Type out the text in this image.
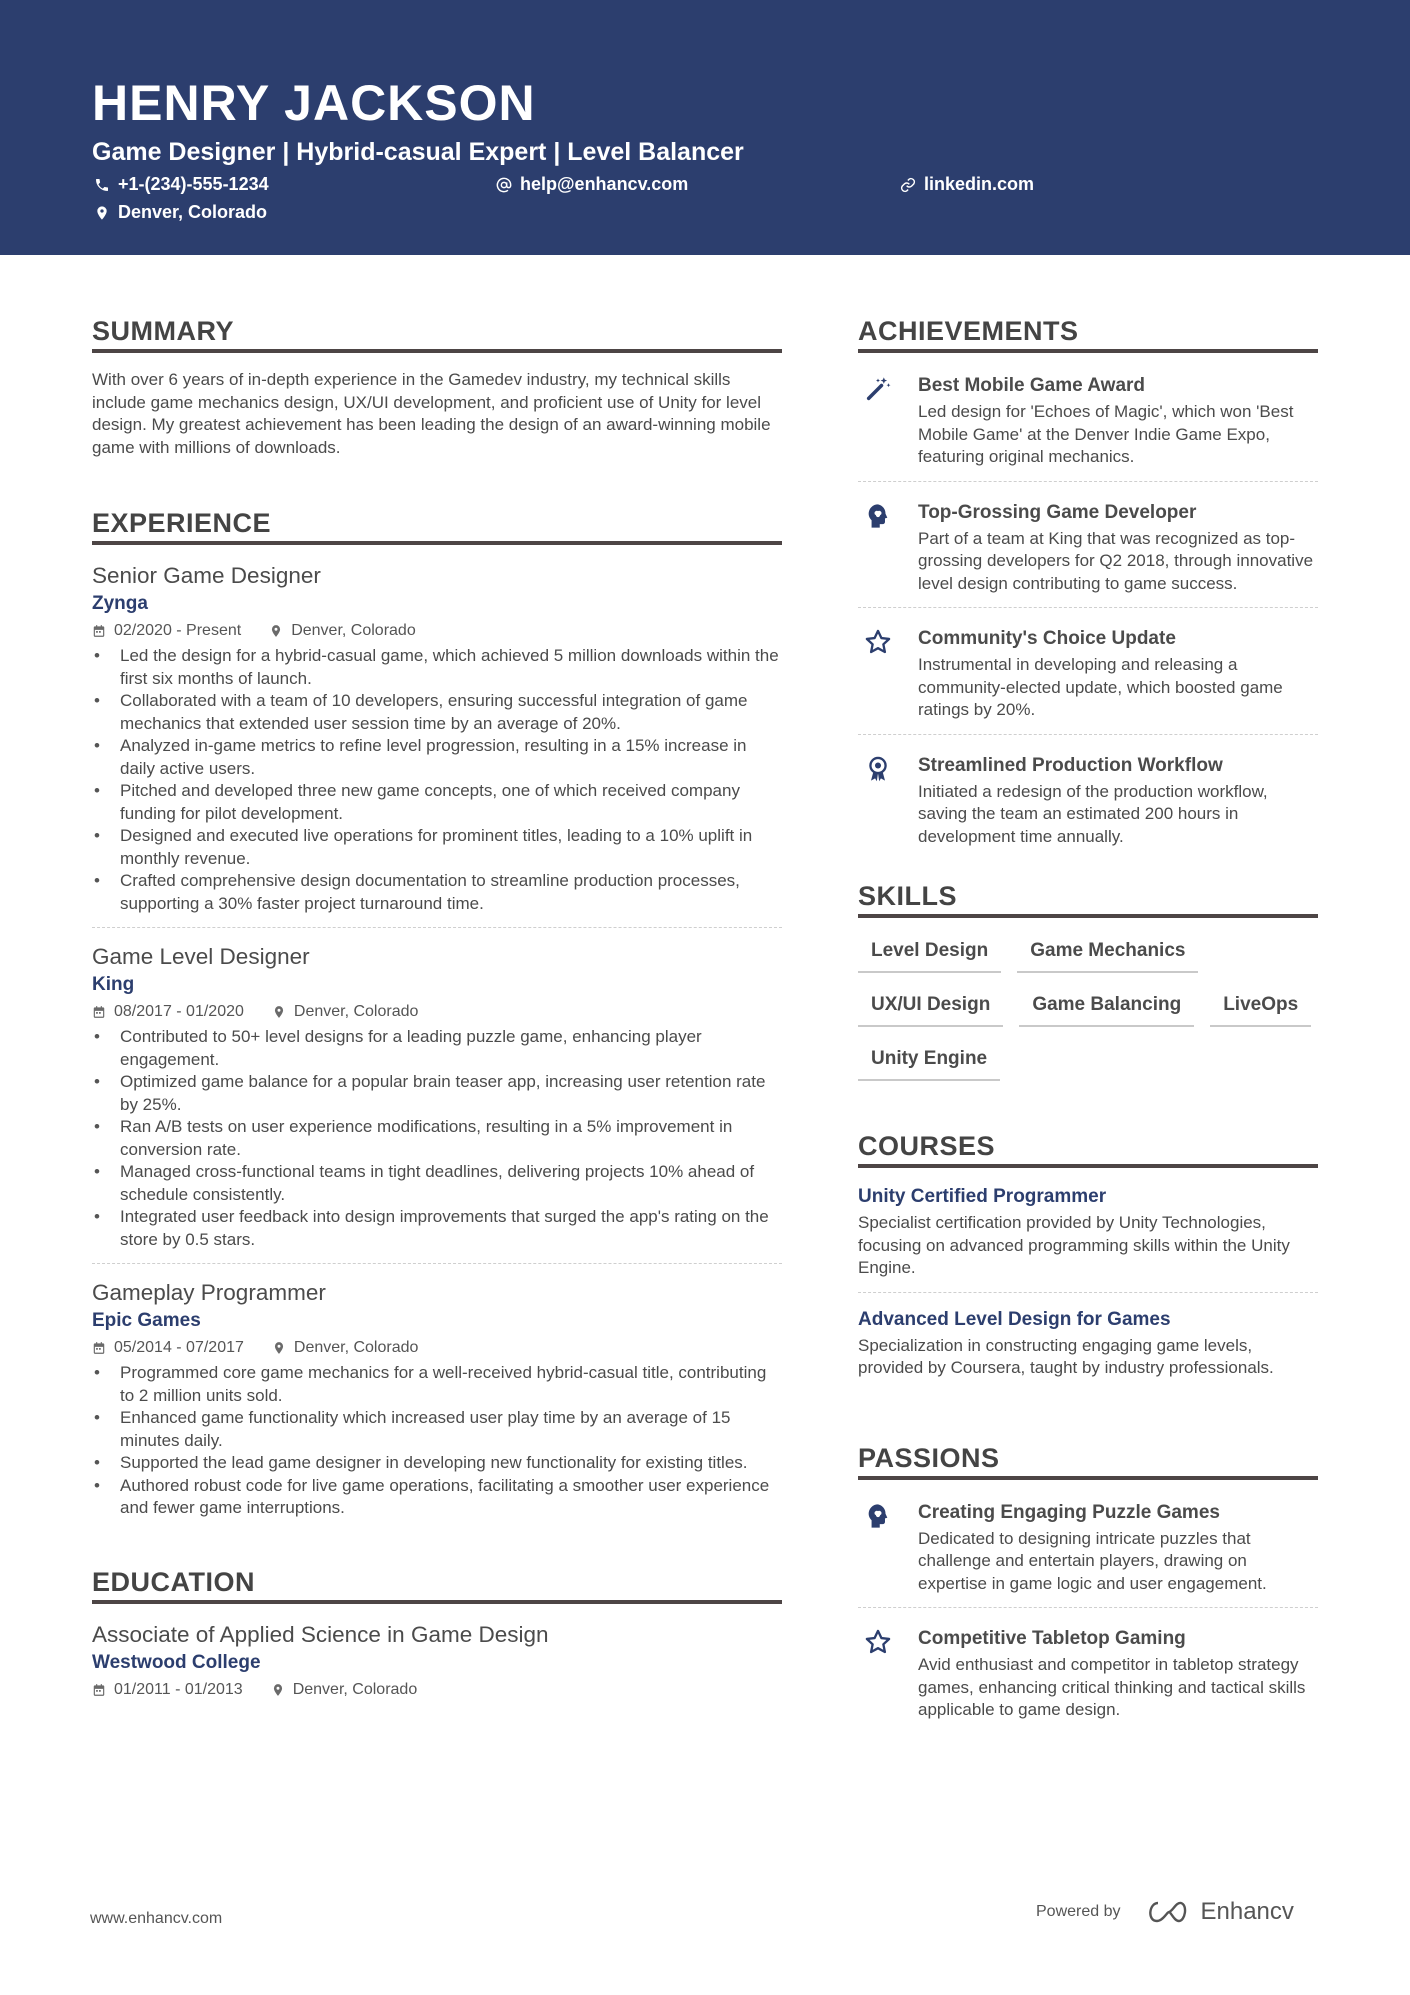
HENRY JACKSON
Game Designer | Hybrid-casual Expert | Level Balancer
+1-(234)-555-1234	help@enhancv.com	linkedin.com
Denver, Colorado
SUMMARY
With over 6 years of in-depth experience in the Gamedev industry, my technical skills include game mechanics design, UX/UI development, and proficient use of Unity for level design. My greatest achievement has been leading the design of an award-winning mobile game with millions of downloads.
EXPERIENCE
Senior Game Designer
Zynga
02/2020 - Present	Denver, Colorado
• Led the design for a hybrid-casual game, which achieved 5 million downloads within the first six months of launch.
• Collaborated with a team of 10 developers, ensuring successful integration of game mechanics that extended user session time by an average of 20%.
• Analyzed in-game metrics to refine level progression, resulting in a 15% increase in daily active users.
• Pitched and developed three new game concepts, one of which received company funding for pilot development.
• Designed and executed live operations for prominent titles, leading to a 10% uplift in monthly revenue.
• Crafted comprehensive design documentation to streamline production processes, supporting a 30% faster project turnaround time.
Game Level Designer
King
08/2017 - 01/2020	Denver, Colorado
• Contributed to 50+ level designs for a leading puzzle game, enhancing player engagement.
• Optimized game balance for a popular brain teaser app, increasing user retention rate by 25%.
• Ran A/B tests on user experience modifications, resulting in a 5% improvement in conversion rate.
• Managed cross-functional teams in tight deadlines, delivering projects 10% ahead of schedule consistently.
• Integrated user feedback into design improvements that surged the app's rating on the store by 0.5 stars.
Gameplay Programmer
Epic Games
05/2014 - 07/2017	Denver, Colorado
• Programmed core game mechanics for a well-received hybrid-casual title, contributing to 2 million units sold.
• Enhanced game functionality which increased user play time by an average of 15 minutes daily.
• Supported the lead game designer in developing new functionality for existing titles.
• Authored robust code for live game operations, facilitating a smoother user experience and fewer game interruptions.
EDUCATION
Associate of Applied Science in Game Design
Westwood College
01/2011 - 01/2013	Denver, Colorado
ACHIEVEMENTS
Best Mobile Game Award
Led design for 'Echoes of Magic', which won 'Best Mobile Game' at the Denver Indie Game Expo, featuring original mechanics.
Top-Grossing Game Developer
Part of a team at King that was recognized as top-grossing developers for Q2 2018, through innovative level design contributing to game success.
Community's Choice Update
Instrumental in developing and releasing a community-elected update, which boosted game ratings by 20%.
Streamlined Production Workflow
Initiated a redesign of the production workflow, saving the team an estimated 200 hours in development time annually.
SKILLS
Level Design	Game Mechanics
UX/UI Design	Game Balancing	LiveOps
Unity Engine
COURSES
Unity Certified Programmer
Specialist certification provided by Unity Technologies, focusing on advanced programming skills within the Unity Engine.
Advanced Level Design for Games
Specialization in constructing engaging game levels, provided by Coursera, taught by industry professionals.
PASSIONS
Creating Engaging Puzzle Games
Dedicated to designing intricate puzzles that challenge and entertain players, drawing on expertise in game logic and user engagement.
Competitive Tabletop Gaming
Avid enthusiast and competitor in tabletop strategy games, enhancing critical thinking and tactical skills applicable to game design.
www.enhancv.com	Powered by	Enhancv
